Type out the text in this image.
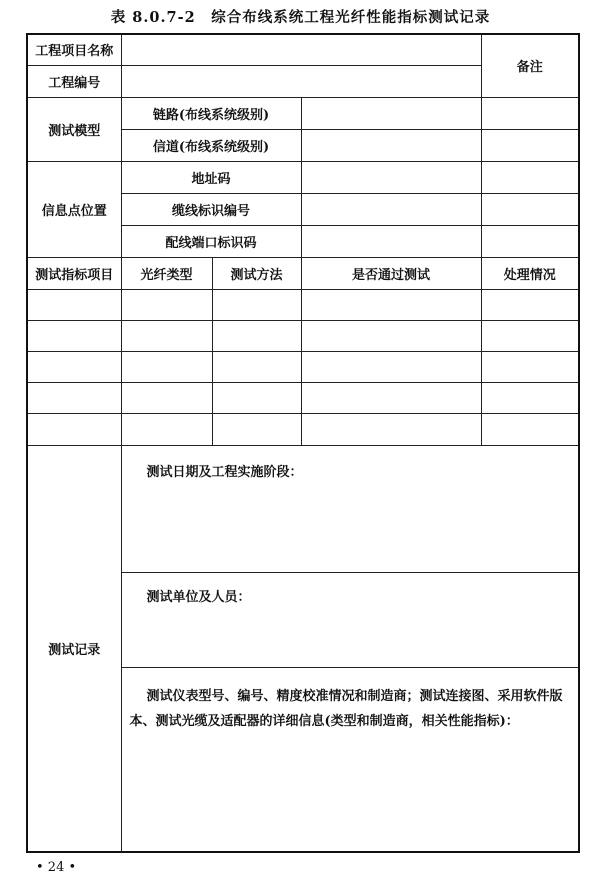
表 8.0.7-2　综合布线系统工程光纤性能指标测试记录
工程项目名称				备注
工程编号				
测试模型	链路(布线系统级别)			
	信道(布线系统级别)			
信息点位置	地址码			
	缆线标识编号			
	配线端口标识码			
测试指标项目	光纤类型	测试方法	是否通过测试	处理情况

测试记录	测试日期及工程实施阶段：			

	测试单位及人员：			

	测试仪表型号、编号、精度校准情况和制造商；测试连接图、采用软件版本、测试光缆及适配器的详细信息(类型和制造商，相关性能指标)：			
• 24 •
